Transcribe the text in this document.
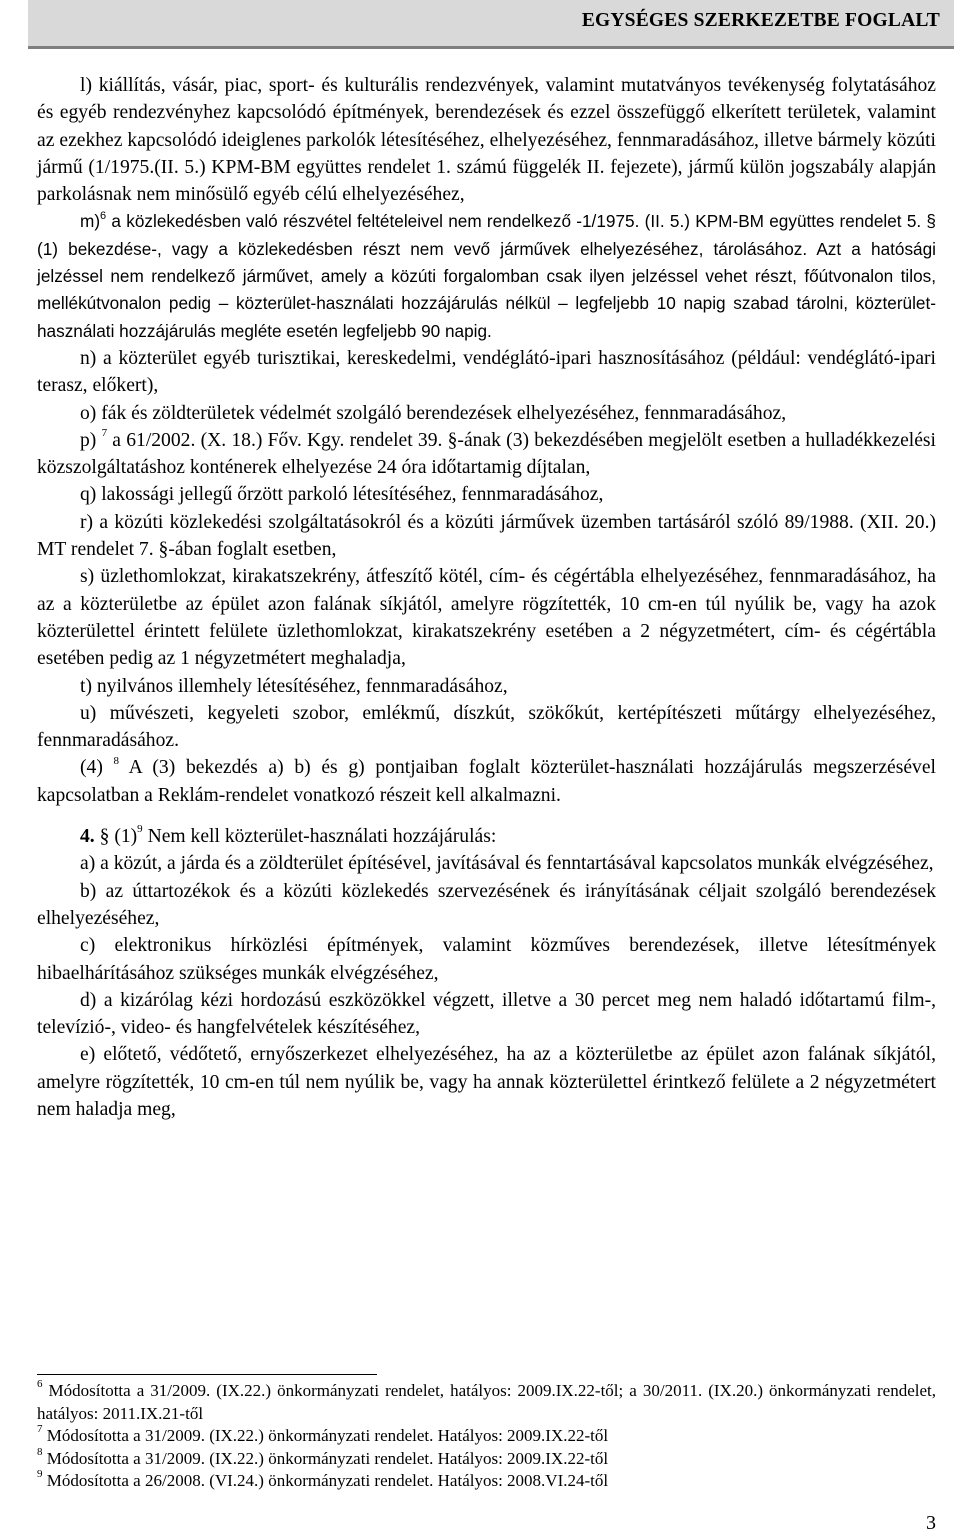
EGYSÉGES SZERKEZETBE FOGLALT

l) kiállítás, vásár, piac, sport- és kulturális rendezvények, valamint mutatványos tevékenység folytatásához és egyéb rendezvényhez kapcsolódó építmények, berendezések és ezzel összefüggő elkerített területek, valamint az ezekhez kapcsolódó ideiglenes parkolók létesítéséhez, elhelyezéséhez, fennmaradásához, illetve bármely közúti jármű (1/1975.(II. 5.) KPM-BM együttes rendelet 1. számú függelék II. fejezete), jármű külön jogszabály alapján parkolásnak nem minősülő egyéb célú elhelyezéséhez,

m)$^6$ a közlekedésben való részvétel feltételeivel nem rendelkező -1/1975. (II. 5.) KPM-BM együttes rendelet 5. § (1) bekezdése-, vagy a közlekedésben részt nem vevő járművek elhelyezéséhez, tárolásához. Azt a hatósági jelzéssel nem rendelkező járművet, amely a közúti forgalomban csak ilyen jelzéssel vehet részt, főútvonalon tilos, mellékútvonalon pedig – közterület-használati hozzájárulás nélkül – legfeljebb 10 napig szabad tárolni, közterület-használati hozzájárulás megléte esetén legfeljebb 90 napig.

n) a közterület egyéb turisztikai, kereskedelmi, vendéglátó-ipari hasznosításához (például: vendéglátó-ipari terasz, előkert),

o) fák és zöldterületek védelmét szolgáló berendezések elhelyezéséhez, fennmaradásához,

p) $^7$ a 61/2002. (X. 18.) Főv. Kgy. rendelet 39. §-ának (3) bekezdésében megjelölt esetben a hulladékkezelési közszolgáltatáshoz konténerek elhelyezése 24 óra időtartamig díjtalan,

q) lakossági jellegű őrzött parkoló létesítéséhez, fennmaradásához,

r) a közúti közlekedési szolgáltatásokról és a közúti járművek üzemben tartásáról szóló 89/1988. (XII. 20.) MT rendelet 7. §-ában foglalt esetben,

s) üzlethomlokzat, kirakatszekrény, átfeszítő kötél, cím- és cégértábla elhelyezéséhez, fennmaradásához, ha az a közterületbe az épület azon falának síkjától, amelyre rögzítették, 10 cm-en túl nyúlik be, vagy ha azok közterülettel érintett felülete üzlethomlokzat, kirakatszekrény esetében a 2 négyzetmétert, cím- és cégértábla esetében pedig az 1 négyzetmétert meghaladja,

t) nyilvános illemhely létesítéséhez, fennmaradásához,

u) művészeti, kegyeleti szobor, emlékmű, díszkút, szökőkút, kertépítészeti műtárgy elhelyezéséhez, fennmaradásához.

(4) $^8$ A (3) bekezdés a) b) és g) pontjaiban foglalt közterület-használati hozzájárulás megszerzésével kapcsolatban a Reklám-rendelet vonatkozó részeit kell alkalmazni.

4. § $(1)^9$ Nem kell közterület-használati hozzájárulás:

a) a közút, a járda és a zöldterület építésével, javításával és fenntartásával kapcsolatos munkák elvégzéséhez,

b) az úttartozékok és a közúti közlekedés szervezésének és irányításának céljait szolgáló berendezések elhelyezéséhez,

c) elektronikus hírközlési építmények, valamint közműves berendezések, illetve létesítmények hibaelhárításához szükséges munkák elvégzéséhez,

d) a kizárólag kézi hordozású eszközökkel végzett, illetve a 30 percet meg nem haladó időtartamú film-, televízió-, video- és hangfelvételek készítéséhez,

e) előtető, védőtető, ernyőszerkezet elhelyezéséhez, ha az a közterületbe az épület azon falának síkjától, amelyre rögzítették, 10 cm-en túl nem nyúlik be, vagy ha annak közterülettel érintkező felülete a 2 négyzetmétert nem haladja meg,

$^6$ Módosította a 31/2009. (IX.22.) önkormányzati rendelet, hatályos: 2009.IX.22-től; a 30/2011. (IX.20.) önkormányzati rendelet, hatályos: 2011.IX.21-től

$^7$ Módosította a 31/2009. (IX.22.) önkormányzati rendelet. Hatályos: 2009.IX.22-től

$^8$ Módosította a 31/2009. (IX.22.) önkormányzati rendelet. Hatályos: 2009.IX.22-től

$^9$ Módosította a 26/2008. (VI.24.) önkormányzati rendelet. Hatályos: 2008.VI.24-től

3
